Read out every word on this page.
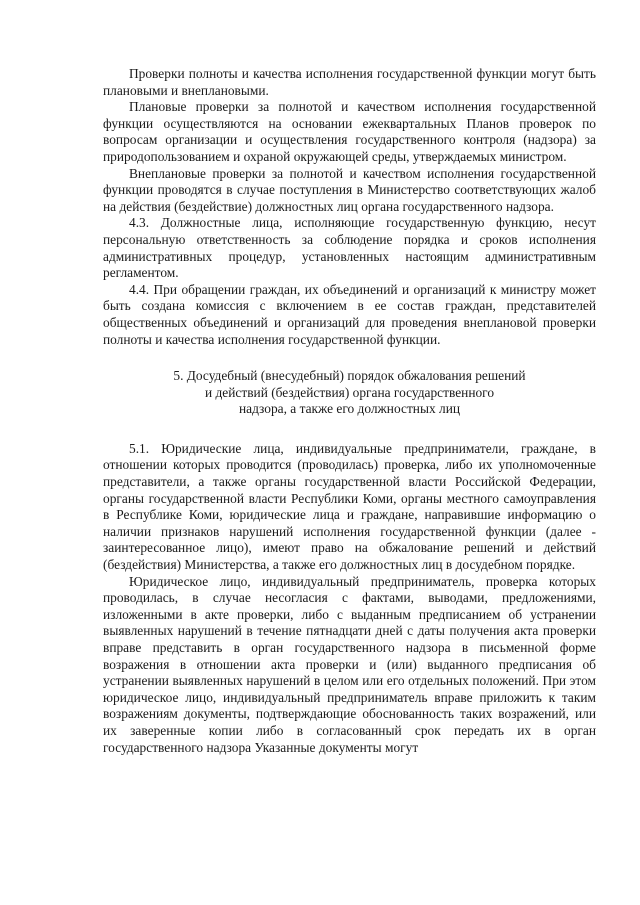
Проверки полноты и качества исполнения государственной функции могут быть плановыми и внеплановыми.

Плановые проверки за полнотой и качеством исполнения государственной функции осуществляются на основании ежеквартальных Планов проверок по вопросам организации и осуществления государственного контроля (надзора) за природопользованием и охраной окружающей среды, утверждаемых министром.

Внеплановые проверки за полнотой и качеством исполнения государственной функции проводятся в случае поступления в Министерство соответствующих жалоб на действия (бездействие) должностных лиц органа государственного надзора.

4.3. Должностные лица, исполняющие государственную функцию, несут персональную ответственность за соблюдение порядка и сроков исполнения административных процедур, установленных настоящим административным регламентом.

4.4. При обращении граждан, их объединений и организаций к министру может быть создана комиссия с включением в ее состав граждан, представителей общественных объединений и организаций для проведения внеплановой проверки полноты и качества исполнения государственной функции.

5. Досудебный (внесудебный) порядок обжалования решений
и действий (бездействия) органа государственного
надзора, а также его должностных лиц

5.1. Юридические лица, индивидуальные предприниматели, граждане, в отношении которых проводится (проводилась) проверка, либо их уполномоченные представители, а также органы государственной власти Российской Федерации, органы государственной власти Республики Коми, органы местного самоуправления в Республике Коми, юридические лица и граждане, направившие информацию о наличии признаков нарушений исполнения государственной функции (далее - заинтересованное лицо), имеют право на обжалование решений и действий (бездействия) Министерства, а также его должностных лиц в досудебном порядке.

Юридическое лицо, индивидуальный предприниматель, проверка которых проводилась, в случае несогласия с фактами, выводами, предложениями, изложенными в акте проверки, либо с выданным предписанием об устранении выявленных нарушений в течение пятнадцати дней с даты получения акта проверки вправе представить в орган государственного надзора в письменной форме возражения в отношении акта проверки и (или) выданного предписания об устранении выявленных нарушений в целом или его отдельных положений. При этом юридическое лицо, индивидуальный предприниматель вправе приложить к таким возражениям документы, подтверждающие обоснованность таких возражений, или их заверенные копии либо в согласованный срок передать их в орган государственного надзора Указанные документы могут
